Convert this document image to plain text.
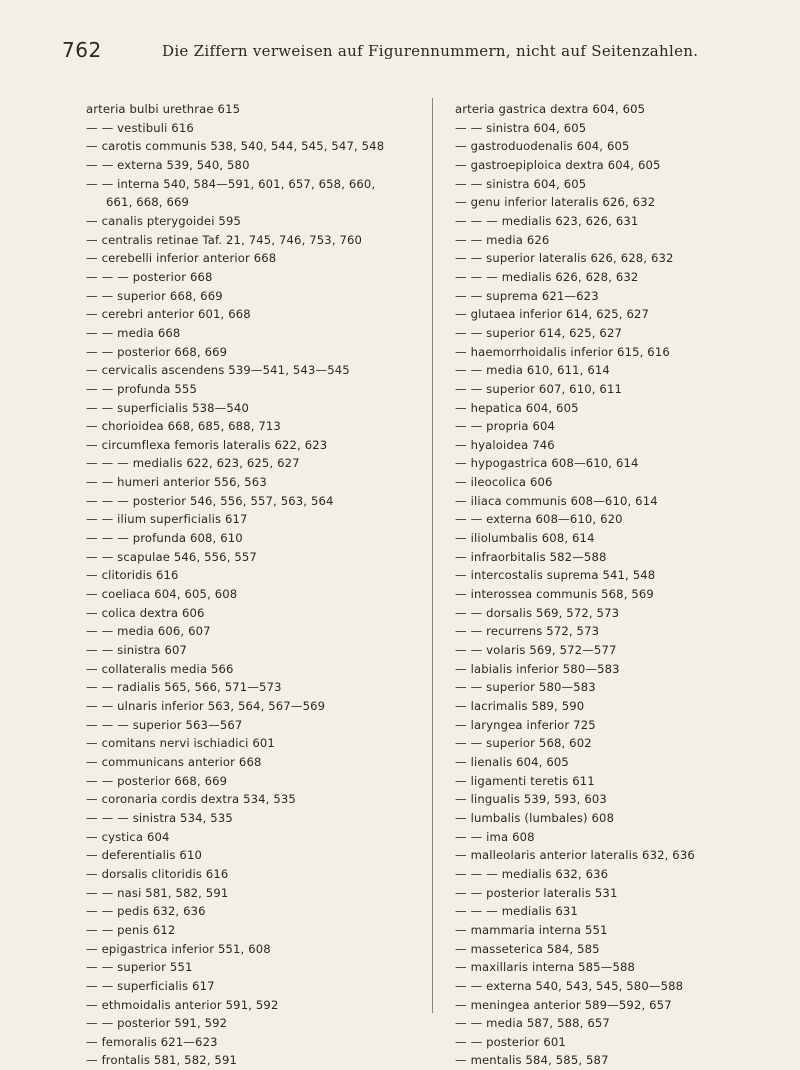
762	Die Ziffern verweisen auf Figurennummern, nicht auf Seitenzahlen.
arteria bulbi urethrae 615
— — vestibuli 616
— carotis communis 538, 540, 544, 545, 547, 548
— — externa 539, 540, 580
— — interna 540, 584—591, 601, 657, 658, 660,
661, 668, 669
— canalis pterygoidei 595
— centralis retinae Taf. 21, 745, 746, 753, 760
— cerebelli inferior anterior 668
— — — posterior 668
— — superior 668, 669
— cerebri anterior 601, 668
— — media 668
— — posterior 668, 669
— cervicalis ascendens 539—541, 543—545
— — profunda 555
— — superficialis 538—540
— chorioidea 668, 685, 688, 713
— circumflexa femoris lateralis 622, 623
— — — medialis 622, 623, 625, 627
— — humeri anterior 556, 563
— — — posterior 546, 556, 557, 563, 564
— — ilium superficialis 617
— — — profunda 608, 610
— — scapulae 546, 556, 557
— clitoridis 616
— coeliaca 604, 605, 608
— colica dextra 606
— — media 606, 607
— — sinistra 607
— collateralis media 566
— — radialis 565, 566, 571—573
— — ulnaris inferior 563, 564, 567—569
— — — superior 563—567
— comitans nervi ischiadici 601
— communicans anterior 668
— — posterior 668, 669
— coronaria cordis dextra 534, 535
— — — sinistra 534, 535
— cystica 604
— deferentialis 610
— dorsalis clitoridis 616
— — nasi 581, 582, 591
— — pedis 632, 636
— — penis 612
— epigastrica inferior 551, 608
— — superior 551
— — superficialis 617
— ethmoidalis anterior 591, 592
— — posterior 591, 592
— femoralis 621—623
— frontalis 581, 582, 591
arteria gastrica dextra 604, 605
— — sinistra 604, 605
— gastroduodenalis 604, 605
— gastroepiploica dextra 604, 605
— — sinistra 604, 605
— genu inferior lateralis 626, 632
— — — medialis 623, 626, 631
— — media 626
— — superior lateralis 626, 628, 632
— — — medialis 626, 628, 632
— — suprema 621—623
— glutaea inferior 614, 625, 627
— — superior 614, 625, 627
— haemorrhoidalis inferior 615, 616
— — media 610, 611, 614
— — superior 607, 610, 611
— hepatica 604, 605
— — propria 604
— hyaloidea 746
— hypogastrica 608—610, 614
— ileocolica 606
— iliaca communis 608—610, 614
— — externa 608—610, 620
— iliolumbalis 608, 614
— infraorbitalis 582—588
— intercostalis suprema 541, 548
— interossea communis 568, 569
— — dorsalis 569, 572, 573
— — recurrens 572, 573
— — volaris 569, 572—577
— labialis inferior 580—583
— — superior 580—583
— lacrimalis 589, 590
— laryngea inferior 725
— — superior 568, 602
— lienalis 604, 605
— ligamenti teretis 611
— lingualis 539, 593, 603
— lumbalis (lumbales) 608
— — ima 608
— malleolaris anterior lateralis 632, 636
— — — medialis 632, 636
— — posterior lateralis 531
— — — medialis 631
— mammaria interna 551
— masseterica 584, 585
— maxillaris interna 585—588
— — externa 540, 543, 545, 580—588
— meningea anterior 589—592, 657
— — media 587, 588, 657
— — posterior 601
— mentalis 584, 585, 587
